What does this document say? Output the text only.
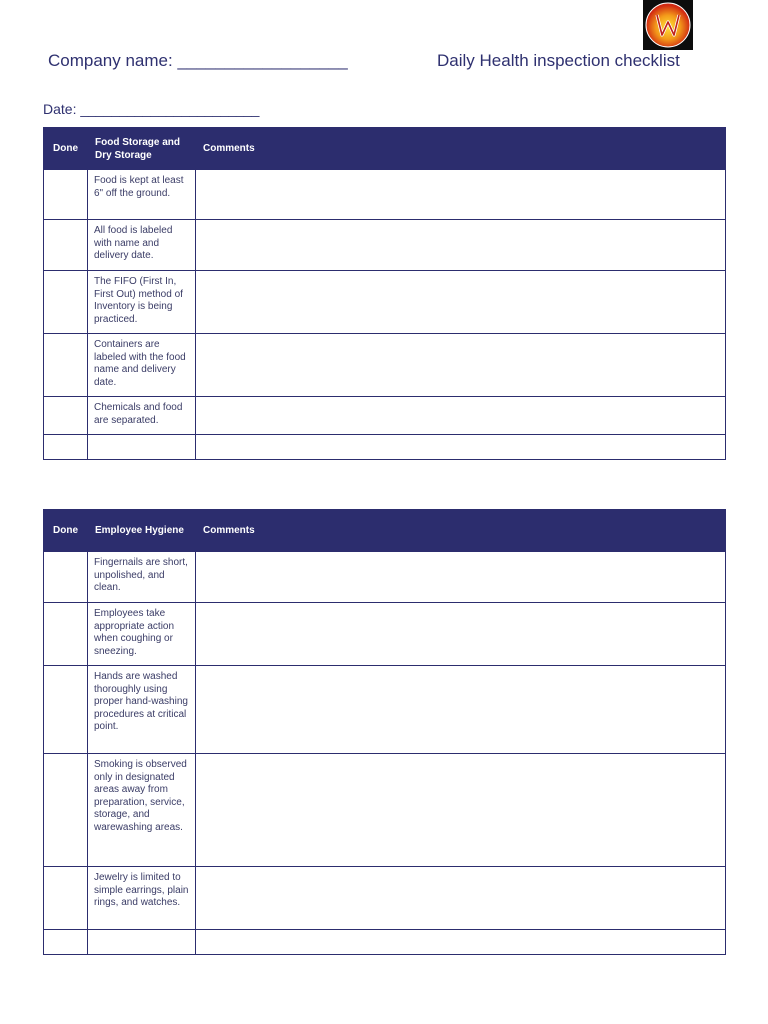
Company name: __________________	Daily Health inspection checklist
Date: _______________________
Done	Food Storage and Dry Storage	Comments
	Food is kept at least 6" off the ground.	
	All food is labeled with name and delivery date.	
	The FIFO (First In, First Out) method of Inventory is being practiced.	
	Containers are labeled with the food name and delivery date.	
	Chemicals and food are separated.	

Done	Employee Hygiene	Comments
	Fingernails are short, unpolished, and clean.	
	Employees take appropriate action when coughing or sneezing.	
	Hands are washed thoroughly using proper hand-washing procedures at critical point.	
	Smoking is observed only in designated areas away from preparation, service, storage, and warewashing areas.	
	Jewelry is limited to simple earrings, plain rings, and watches.	
